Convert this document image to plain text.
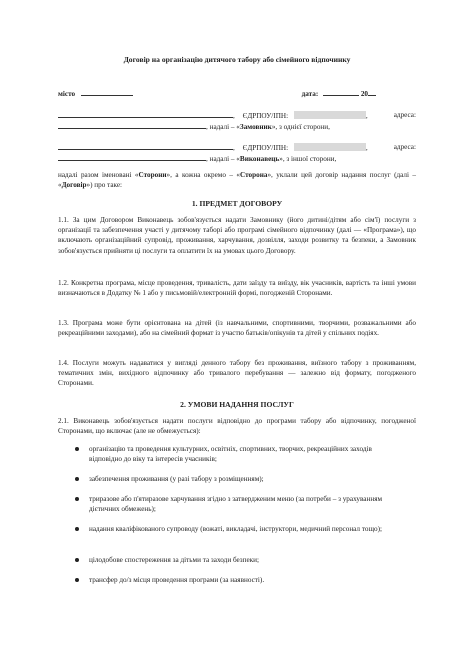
Договір на організацію дитячого табору або сімейного відпочинку
місто	дата:	20
, ЄДРПОУ/ІПН:	,	адреса:
, надалі – «Замовник», з однієї сторони,
, ЄДРПОУ/ІПН:	,	адреса:
, надалі – «Виконавець», з іншої сторони,
надалі разом іменовані «Сторони», а кожна окремо – «Сторона», уклали цей договір надання послуг (далі – «Договір») про таке:
1. ПРЕДМЕТ ДОГОВОРУ
1.1. За цим Договором Виконавець зобов'язується надати Замовнику (його дитині/дітям або сім'ї) послуги з організації та забезпечення участі у дитячому таборі або програмі сімейного відпочинку (далі — «Програма»), що включають організаційний супровід, проживання, харчування, дозвілля, заходи розвитку та безпеки, а Замовник зобов'язується прийняти ці послуги та оплатити їх на умовах цього Договору.
1.2. Конкретна програма, місце проведення, тривалість, дати заїзду та виїзду, вік учасників, вартість та інші умови визначаються в Додатку № 1 або у письмовій/електронній формі, погодженій Сторонами.
1.3. Програма може бути орієнтована на дітей (із навчальними, спортивними, творчими, розважальними або рекреаційними заходами), або на сімейний формат із участю батьків/опікунів та дітей у спільних подіях.
1.4. Послуги можуть надаватися у вигляді денного табору без проживання, виїзного табору з проживанням, тематичних змін, вихідного відпочинку або тривалого перебування — залежно від формату, погодженого Сторонами.
2. УМОВИ НАДАННЯ ПОСЛУГ
2.1. Виконавець зобов'язується надати послуги відповідно до програми табору або відпочинку, погодженої Сторонами, що включає (але не обмежується):
організацію та проведення культурних, освітніх, спортивних, творчих, рекреаційних заходів відповідно до віку та інтересів учасників;
забезпечення проживання (у разі табору з розміщенням);
триразове або п'ятиразове харчування згідно з затвердженим меню (за потреби – з урахуванням дієтичних обмежень);
надання кваліфікованого супроводу (вожаті, викладачі, інструктори, медичний персонал тощо);
цілодобове спостереження за дітьми та заходи безпеки;
трансфер до/з місця проведення програми (за наявності).
